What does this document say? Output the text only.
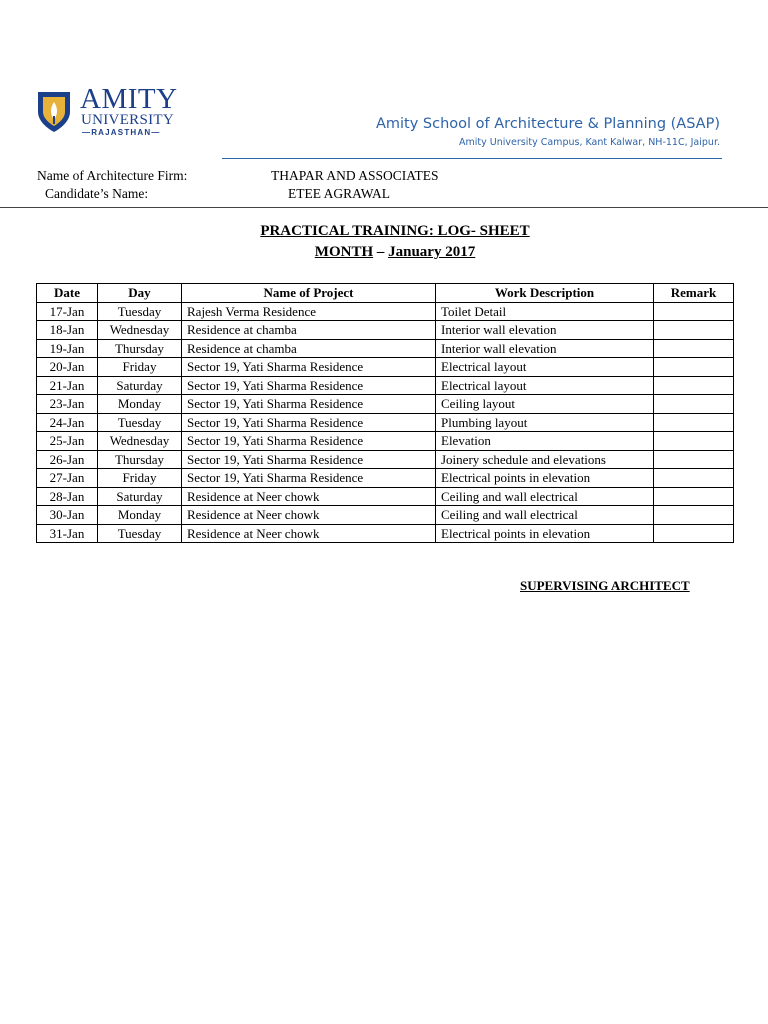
AMITY
UNIVERSITY
—RAJASTHAN—
Amity School of Architecture & Planning (ASAP)
Amity University Campus, Kant Kalwar, NH-11C, Jaipur.
Name of Architecture Firm:	THAPAR AND ASSOCIATES
Candidate’s Name:	ETEE AGRAWAL
PRACTICAL TRAINING: LOG- SHEET
MONTH – January 2017
Date	Day	Name of Project	Work Description	Remark
17-Jan	Tuesday	Rajesh Verma Residence	Toilet Detail	
18-Jan	Wednesday	Residence at chamba	Interior wall elevation	
19-Jan	Thursday	Residence at chamba	Interior wall elevation	
20-Jan	Friday	Sector 19, Yati Sharma Residence	Electrical layout	
21-Jan	Saturday	Sector 19, Yati Sharma Residence	Electrical layout	
23-Jan	Monday	Sector 19, Yati Sharma Residence	Ceiling layout	
24-Jan	Tuesday	Sector 19, Yati Sharma Residence	Plumbing layout	
25-Jan	Wednesday	Sector 19, Yati Sharma Residence	Elevation	
26-Jan	Thursday	Sector 19, Yati Sharma Residence	Joinery schedule and elevations	
27-Jan	Friday	Sector 19, Yati Sharma Residence	Electrical points in elevation	
28-Jan	Saturday	Residence at Neer chowk	Ceiling and wall electrical	
30-Jan	Monday	Residence at Neer chowk	Ceiling and wall electrical	
31-Jan	Tuesday	Residence at Neer chowk	Electrical points in elevation	
SUPERVISING ARCHITECT
